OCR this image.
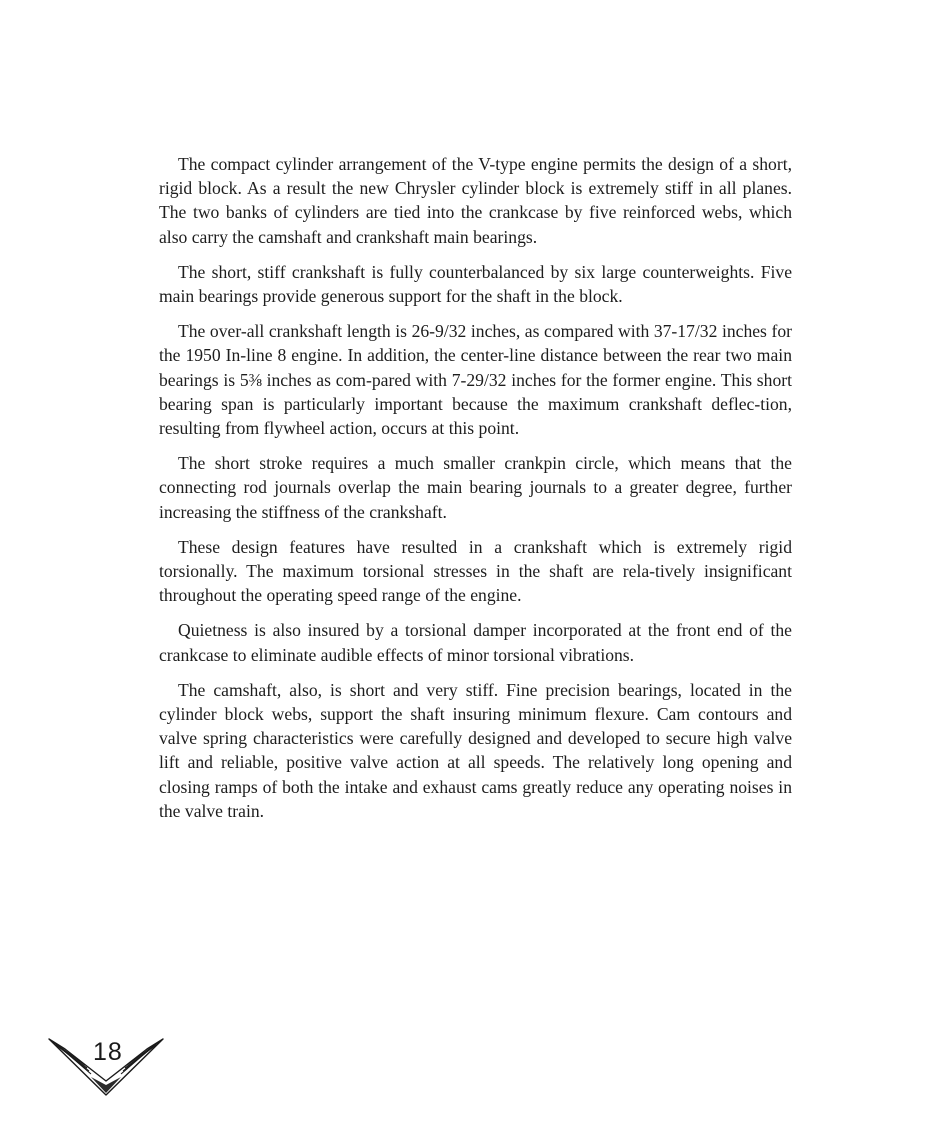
The compact cylinder arrangement of the V-type engine permits the design of a short, rigid block. As a result the new Chrysler cylinder block is extremely stiff in all planes. The two banks of cylinders are tied into the crankcase by five reinforced webs, which also carry the camshaft and crankshaft main bearings.

The short, stiff crankshaft is fully counterbalanced by six large counterweights. Five main bearings provide generous support for the shaft in the block.

The over-all crankshaft length is 26-9/32 inches, as compared with 37-17/32 inches for the 1950 In-line 8 engine. In addition, the center-line distance between the rear two main bearings is 5⅜ inches as com-pared with 7-29/32 inches for the former engine. This short bearing span is particularly important because the maximum crankshaft deflec-tion, resulting from flywheel action, occurs at this point.

The short stroke requires a much smaller crankpin circle, which means that the connecting rod journals overlap the main bearing journals to a greater degree, further increasing the stiffness of the crankshaft.

These design features have resulted in a crankshaft which is extremely rigid torsionally. The maximum torsional stresses in the shaft are rela-tively insignificant throughout the operating speed range of the engine.

Quietness is also insured by a torsional damper incorporated at the front end of the crankcase to eliminate audible effects of minor torsional vibrations.

The camshaft, also, is short and very stiff. Fine precision bearings, located in the cylinder block webs, support the shaft insuring minimum flexure. Cam contours and valve spring characteristics were carefully designed and developed to secure high valve lift and reliable, positive valve action at all speeds. The relatively long opening and closing ramps of both the intake and exhaust cams greatly reduce any operating noises in the valve train.

18
